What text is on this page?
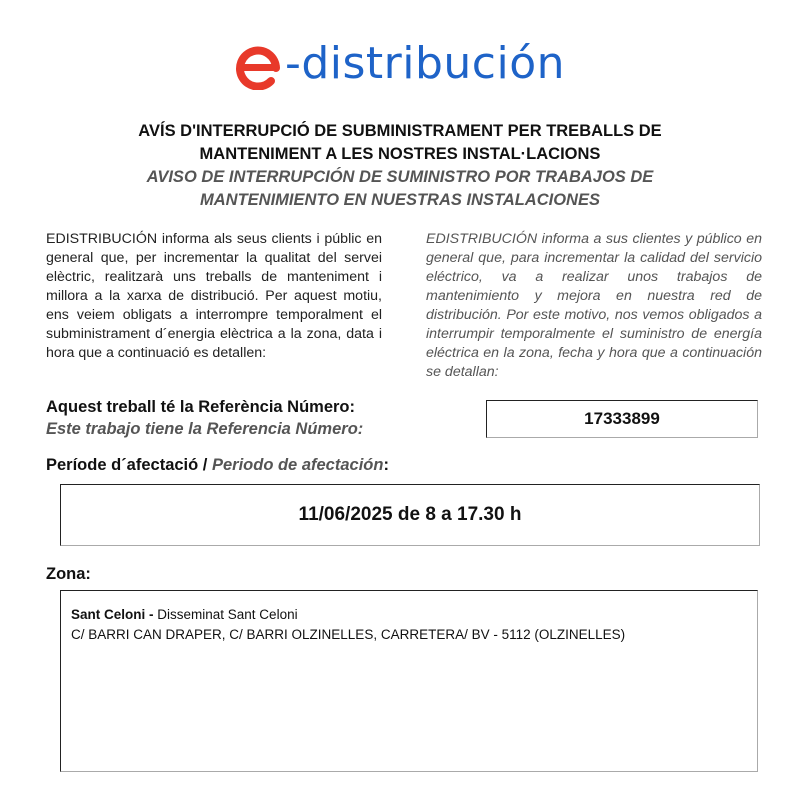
-distribución
AVÍS D'INTERRUPCIÓ DE SUBMINISTRAMENT PER TREBALLS DE
MANTENIMENT A LES NOSTRES INSTAL·LACIONS
AVISO DE INTERRUPCIÓN DE SUMINISTRO POR TRABAJOS DE
MANTENIMIENTO EN NUESTRAS INSTALACIONES
EDISTRIBUCIÓN informa als seus clients i públic en general que, per incrementar la qualitat del servei elèctric, realitzarà uns treballs de manteniment i millora a la xarxa de distribució. Per aquest motiu, ens veiem obligats a interrompre temporalment el subministrament d´energia elèctrica a la zona, data i hora que a continuació es detallen:
EDISTRIBUCIÓN informa a sus clientes y público en general que, para incrementar la calidad del servicio eléctrico, va a realizar unos trabajos de mantenimiento y mejora en nuestra red de distribución. Por este motivo, nos vemos obligados a interrumpir temporalmente el suministro de energía eléctrica en la zona, fecha y hora que a continuación se detallan:
Aquest treball té la Referència Número:
Este trabajo tiene la Referencia Número:
17333899
Període d´afectació / Periodo de afectación:
11/06/2025 de 8 a 17.30 h
Zona:
Sant Celoni - Disseminat Sant Celoni
C/ BARRI CAN DRAPER, C/ BARRI OLZINELLES, CARRETERA/ BV - 5112 (OLZINELLES)
